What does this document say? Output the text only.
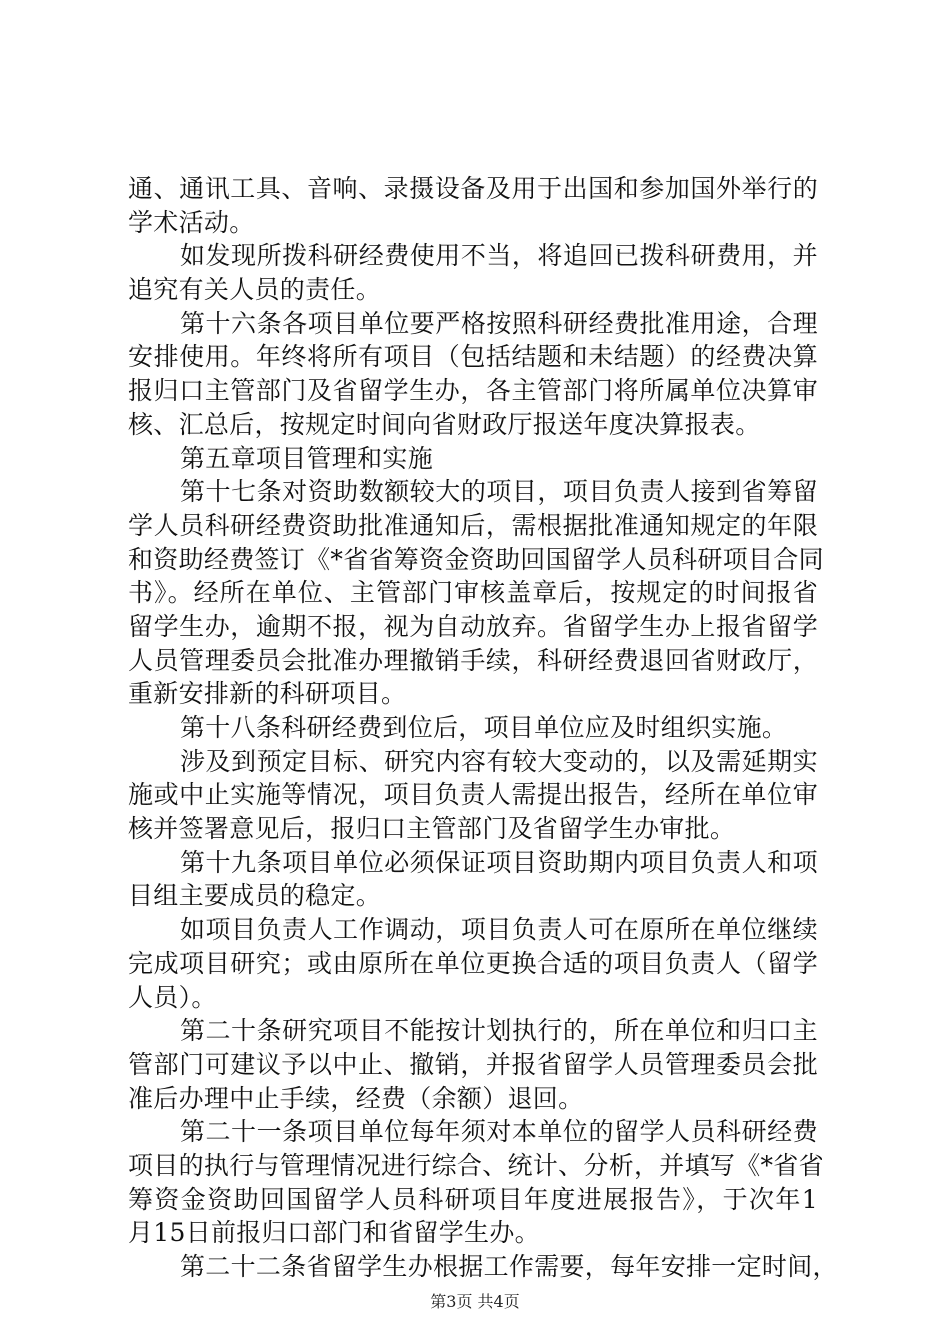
通、通讯工具、音响、录摄设备及用于出国和参加国外举行的
学术活动。
如发现所拨科研经费使用不当，将追回已拨科研费用，并
追究有关人员的责任。
第十六条各项目单位要严格按照科研经费批准用途，合理
安排使用。年终将所有项目（包括结题和未结题）的经费决算
报归口主管部门及省留学生办，各主管部门将所属单位决算审
核、汇总后，按规定时间向省财政厅报送年度决算报表。
第五章项目管理和实施
第十七条对资助数额较大的项目，项目负责人接到省筹留
学人员科研经费资助批准通知后，需根据批准通知规定的年限
和资助经费签订《*省省筹资金资助回国留学人员科研项目合同
书》。经所在单位、主管部门审核盖章后，按规定的时间报省
留学生办，逾期不报，视为自动放弃。省留学生办上报省留学
人员管理委员会批准办理撤销手续，科研经费退回省财政厅，
重新安排新的科研项目。
第十八条科研经费到位后，项目单位应及时组织实施。
涉及到预定目标、研究内容有较大变动的，以及需延期实
施或中止实施等情况，项目负责人需提出报告，经所在单位审
核并签署意见后，报归口主管部门及省留学生办审批。
第十九条项目单位必须保证项目资助期内项目负责人和项
目组主要成员的稳定。
如项目负责人工作调动，项目负责人可在原所在单位继续
完成项目研究；或由原所在单位更换合适的项目负责人（留学
人员）。
第二十条研究项目不能按计划执行的，所在单位和归口主
管部门可建议予以中止、撤销，并报省留学人员管理委员会批
准后办理中止手续，经费（余额）退回。
第二十一条项目单位每年须对本单位的留学人员科研经费
项目的执行与管理情况进行综合、统计、分析，并填写《*省省
筹资金资助回国留学人员科研项目年度进展报告》，于次年1
月15日前报归口部门和省留学生办。
第二十二条省留学生办根据工作需要，每年安排一定时间，
第3页 共4页
